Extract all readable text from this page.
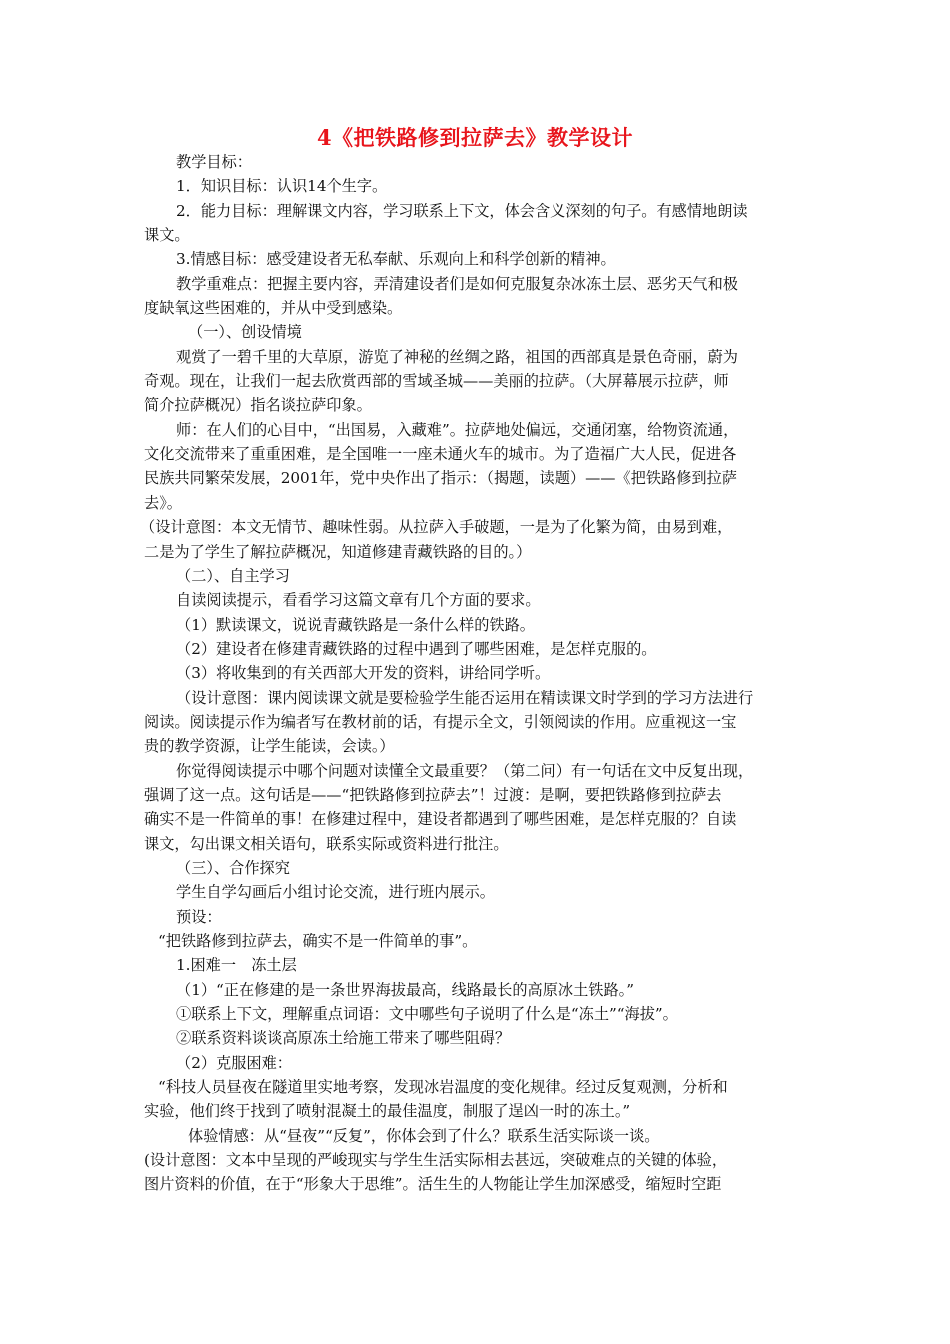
4《把铁路修到拉萨去》教学设计

教学目标：

1．知识目标：认识14个生字。

2．能力目标：理解课文内容，学习联系上下文，体会含义深刻的句子。有感情地朗读

课文。

3.情感目标：感受建设者无私奉献、乐观向上和科学创新的精神。

教学重难点：把握主要内容，弄清建设者们是如何克服复杂冰冻土层、恶劣天气和极

度缺氧这些困难的，并从中受到感染。

（一）、创设情境

观赏了一碧千里的大草原，游览了神秘的丝绸之路，祖国的西部真是景色奇丽，蔚为

奇观。现在，让我们一起去欣赏西部的雪域圣城——美丽的拉萨。（大屏幕展示拉萨，师

简介拉萨概况）指名谈拉萨印象。

师：在人们的心目中，“出国易，入藏难”。拉萨地处偏远，交通闭塞，给物资流通，

文化交流带来了重重困难，是全国唯一一座未通火车的城市。为了造福广大人民，促进各

民族共同繁荣发展，2001年，党中央作出了指示：（揭题，读题）——《把铁路修到拉萨

去》。

（设计意图：本文无情节、趣味性弱。从拉萨入手破题，一是为了化繁为简，由易到难，

二是为了学生了解拉萨概况，知道修建青藏铁路的目的。）

（二）、自主学习

自读阅读提示，看看学习这篇文章有几个方面的要求。

（1）默读课文，说说青藏铁路是一条什么样的铁路。

（2）建设者在修建青藏铁路的过程中遇到了哪些困难，是怎样克服的。

（3）将收集到的有关西部大开发的资料，讲给同学听。

（设计意图：课内阅读课文就是要检验学生能否运用在精读课文时学到的学习方法进行

阅读。阅读提示作为编者写在教材前的话，有提示全文，引领阅读的作用。应重视这一宝

贵的教学资源，让学生能读，会读。）

你觉得阅读提示中哪个问题对读懂全文最重要？（第二问）有一句话在文中反复出现，

强调了这一点。这句话是——“把铁路修到拉萨去”！过渡：是啊，要把铁路修到拉萨去

确实不是一件简单的事！在修建过程中，建设者都遇到了哪些困难，是怎样克服的？自读

课文，勾出课文相关语句，联系实际或资料进行批注。

（三）、合作探究

学生自学勾画后小组讨论交流，进行班内展示。

预设：

“把铁路修到拉萨去，确实不是一件简单的事”。

1.困难一　冻土层

（1）“正在修建的是一条世界海拔最高，线路最长的高原冰土铁路。”

①联系上下文，理解重点词语：文中哪些句子说明了什么是“冻土”“海拔”。

②联系资料谈谈高原冻土给施工带来了哪些阻碍？

（2）克服困难：

“科技人员昼夜在隧道里实地考察，发现冰岩温度的变化规律。经过反复观测，分析和

实验，他们终于找到了喷射混凝土的最佳温度，制服了逞凶一时的冻土。”

体验情感：从“昼夜”“反复”，你体会到了什么？联系生活实际谈一谈。

(设计意图：文本中呈现的严峻现实与学生生活实际相去甚远，突破难点的关键的体验，

图片资料的价值，在于“形象大于思维”。活生生的人物能让学生加深感受，缩短时空距
